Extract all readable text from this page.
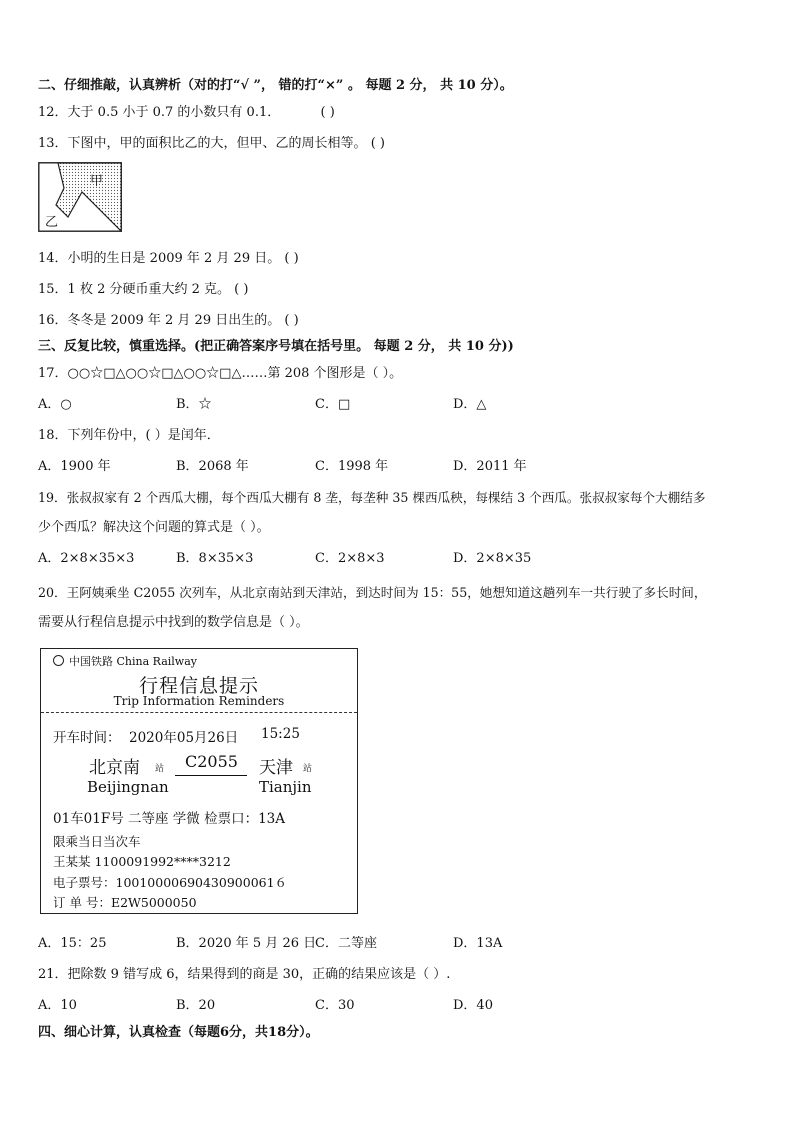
二、仔细推敲，认真辨析（对的打“√ ”， 错的打“×” 。 每题 2 分， 共 10 分）。
12．大于 0.5 小于 0.7 的小数只有 0.1．	( )
13．下图中，甲的面积比乙的大，但甲、乙的周长相等。 ( )
甲
乙
14．小明的生日是 2009 年 2 月 29 日。 ( )
15．1 枚 2 分硬币重大约 2 克。 ( )
16．冬冬是 2009 年 2 月 29 日出生的。 ( )
三、反复比较，慎重选择。(把正确答案序号填在括号里。 每题 2 分， 共 10 分))
17．○○☆□△○○☆□△○○☆□△……第 208 个图形是（ ）。
A．○	B．☆	C．□	D．△
18．下列年份中，( ）是闰年．
A．1900 年	B．2068 年	C．1998 年	D．2011 年
19．张叔叔家有 2 个西瓜大棚，每个西瓜大棚有 8 垄，每垄种 35 棵西瓜秧，每棵结 3 个西瓜。张叔叔家每个大棚结多
少个西瓜？解决这个问题的算式是（ ）。
A．2×8×35×3	B．8×35×3	C．2×8×3	D．2×8×35
20．王阿姨乘坐 C2055 次列车，从北京南站到天津站，到达时间为 15：55，她想知道这趟列车一共行驶了多长时间，
需要从行程信息提示中找到的数学信息是（ ）。
中国铁路 China Railway
行程信息提示
Trip Information Reminders
开车时间： 2020年05月26日 15:25
北京南 站
Beijingnan
C2055 天津 站
Tianjin
01车01F号 二等座 学微 检票口：13A
限乘当日当次车
王某某 1100091992****3212
电子票号：10010000690430900061６
订 单 号：E2W5000050
A．15：25	B．2020 年 5 月 26 日
C．二等座	D．13A
21．把除数 9 错写成 6，结果得到的商是 30，正确的结果应该是（ ）.
A．10	B．20	C．30	D．40
四、细心计算，认真检查（每题6分，共18分）。
